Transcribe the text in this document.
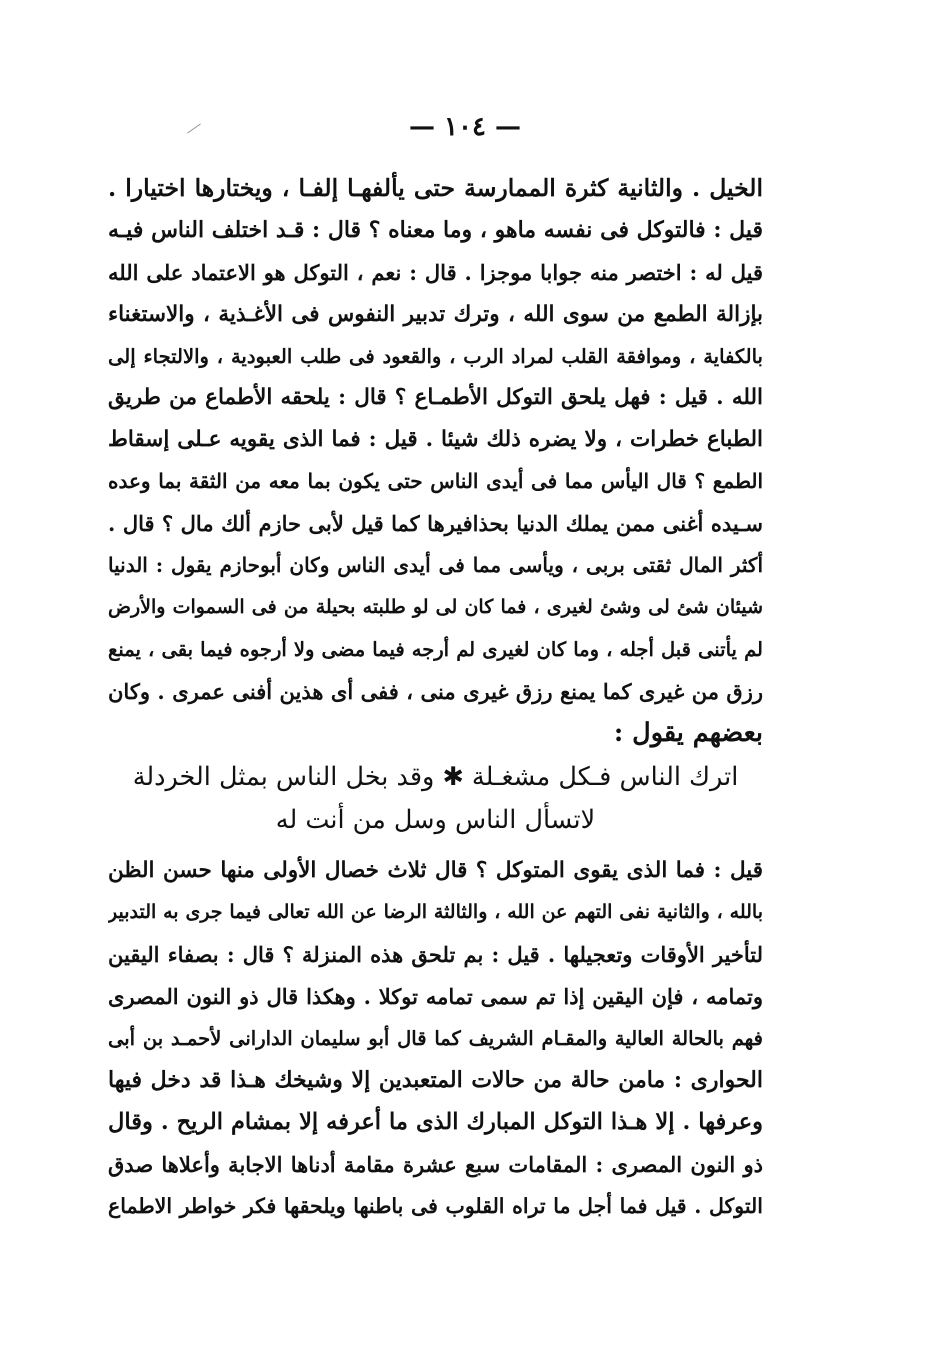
— ١٠٤ —
الخيل . والثانية كثرة الممارسة حتى يألفهـا إلفـا ، ويختارها اختيارا .
قيل : فالتوكل فى نفسه ماهو ، وما معناه ؟ قال : قـد اختلف الناس فيـه
قيل له : اختصر منه جوابا موجزا . قال : نعم ، التوكل هو الاعتماد على الله
بإزالة الطمع من سوى الله ، وترك تدبير النفوس فى الأغـذية ، والاستغناء
بالكفاية ، وموافقة القلب لمراد الرب ، والقعود فى طلب العبودية ، والالتجاء إلى
الله . قيل : فهل يلحق التوكل الأطمـاع ؟ قال : يلحقه الأطماع من طريق
الطباع خطرات ، ولا يضره ذلك شيئا . قيل : فما الذى يقويه عـلى إسقاط
الطمع ؟ قال اليأس مما فى أيدى الناس حتى يكون بما معه من الثقة بما وعده
سـيده أغنى ممن يملك الدنيا بحذافيرها كما قيل لأبى حازم ألك مال ؟ قال .
أكثر المال ثقتى بربى ، ويأسى مما فى أيدى الناس وكان أبوحازم يقول : الدنيا
شيئان شئ لى وشئ لغيرى ، فما كان لى لو طلبته بحيلة من فى السموات والأرض
لم يأتنى قبل أجله ، وما كان لغيرى لم أرجه فيما مضى ولا أرجوه فيما بقى ، يمنع
رزق من غيرى كما يمنع رزق غيرى منى ، ففى أى هذين أفنى عمرى . وكان
بعضهم يقول :
اترك الناس فـكل مشغـلة ✱ وقد بخل الناس بمثل الخردلة
لاتسأل الناس وسل من أنت له
قيل : فما الذى يقوى المتوكل ؟ قال ثلاث خصال الأولى منها حسن الظن
بالله ، والثانية نفى التهم عن الله ، والثالثة الرضا عن الله تعالى فيما جرى به التدبير
لتأخير الأوقات وتعجيلها . قيل : بم تلحق هذه المنزلة ؟ قال : بصفاء اليقين
وتمامه ، فإن اليقين إذا تم سمى تمامه توكلا . وهكذا قال ذو النون المصرى
فهم بالحالة العالية والمقـام الشريف كما قال أبو سليمان الدارانى لأحمـد بن أبى
الحوارى : مامن حالة من حالات المتعبدين إلا وشيخك هـذا قد دخل فيها
وعرفها . إلا هـذا التوكل المبارك الذى ما أعرفه إلا بمشام الريح . وقال
ذو النون المصرى : المقامات سبع عشرة مقامة أدناها الاجابة وأعلاها صدق
التوكل . قيل فما أجل ما تراه القلوب فى باطنها ويلحقها فكر خواطر الاطماع
